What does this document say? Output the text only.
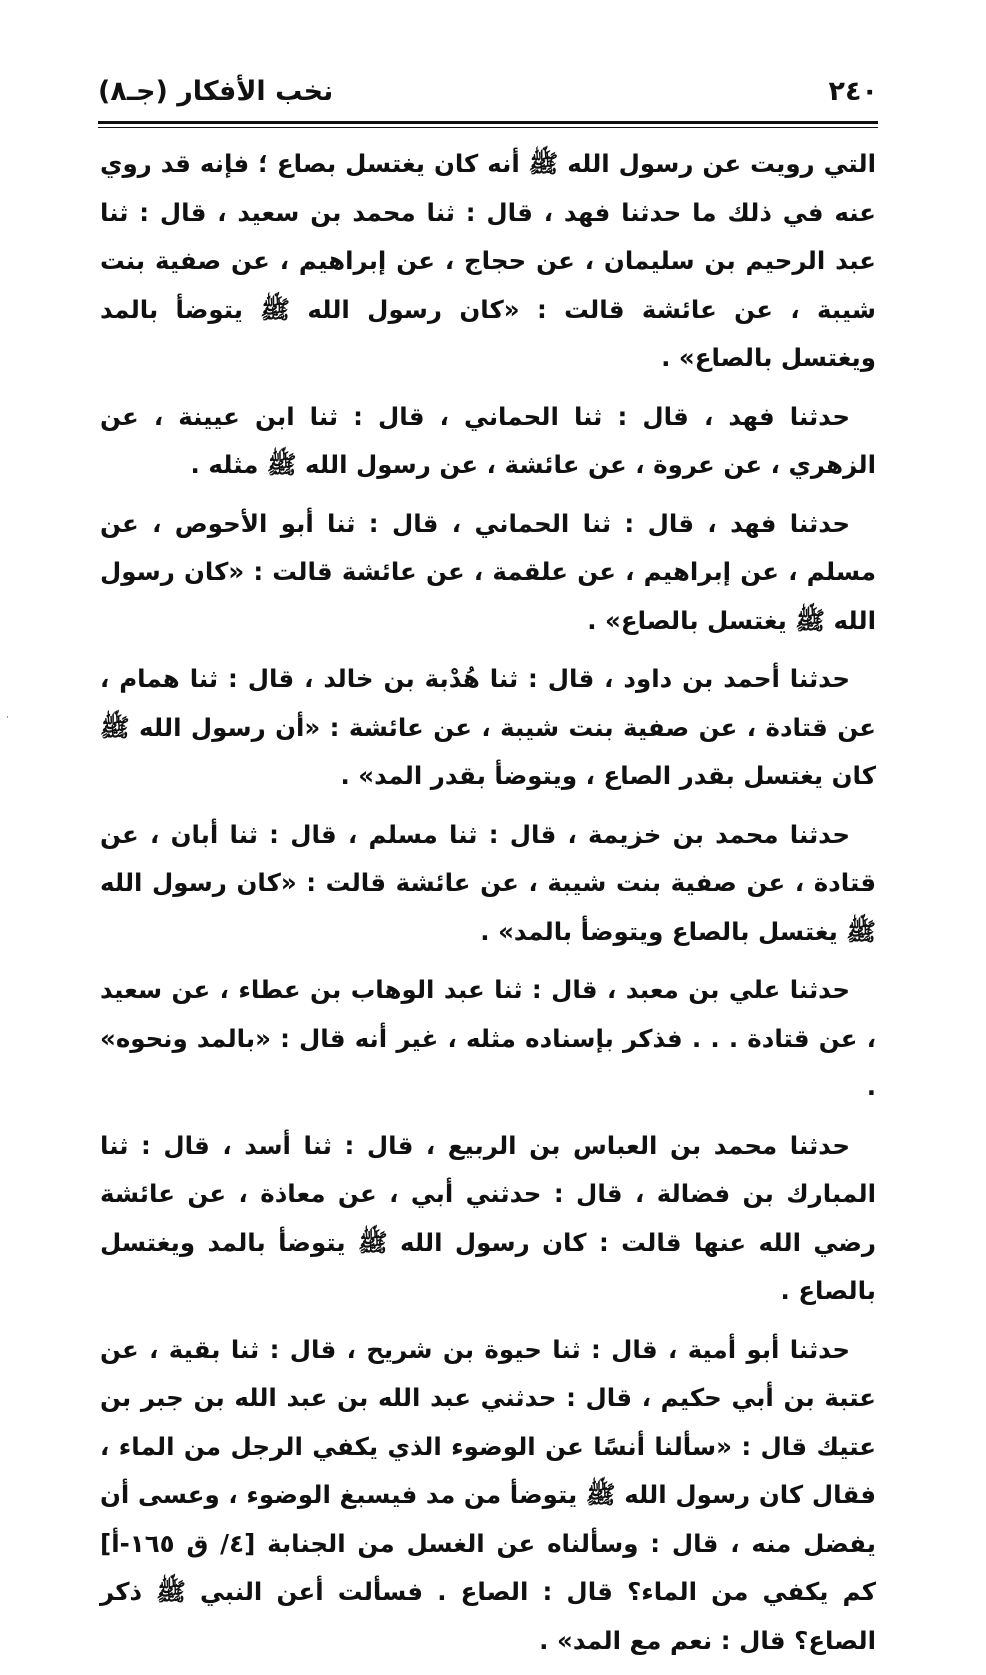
٢٤٠
نخب الأفكار (جـ٨)

التي رويت عن رسول الله ﷺ أنه كان يغتسل بصاع ؛ فإنه قد روي عنه في ذلك ما حدثنا فهد ، قال : ثنا محمد بن سعيد ، قال : ثنا عبد الرحيم بن سليمان ، عن حجاج ، عن إبراهيم ، عن صفية بنت شيبة ، عن عائشة قالت : «كان رسول الله ﷺ يتوضأ بالمد ويغتسل بالصاع» .

حدثنا فهد ، قال : ثنا الحماني ، قال : ثنا ابن عيينة ، عن الزهري ، عن عروة ، عن عائشة ، عن رسول الله ﷺ مثله .

حدثنا فهد ، قال : ثنا الحماني ، قال : ثنا أبو الأحوص ، عن مسلم ، عن إبراهيم ، عن علقمة ، عن عائشة قالت : «كان رسول الله ﷺ يغتسل بالصاع» .

حدثنا أحمد بن داود ، قال : ثنا هُدْبة بن خالد ، قال : ثنا همام ، عن قتادة ، عن صفية بنت شيبة ، عن عائشة : «أن رسول الله ﷺ كان يغتسل بقدر الصاع ، ويتوضأ بقدر المد» .

حدثنا محمد بن خزيمة ، قال : ثنا مسلم ، قال : ثنا أبان ، عن قتادة ، عن صفية بنت شيبة ، عن عائشة قالت : «كان رسول الله ﷺ يغتسل بالصاع ويتوضأ بالمد» .

حدثنا علي بن معبد ، قال : ثنا عبد الوهاب بن عطاء ، عن سعيد ، عن قتادة . . . فذكر بإسناده مثله ، غير أنه قال : «بالمد ونحوه» .

حدثنا محمد بن العباس بن الربيع ، قال : ثنا أسد ، قال : ثنا المبارك بن فضالة ، قال : حدثني أبي ، عن معاذة ، عن عائشة رضي الله عنها قالت : كان رسول الله ﷺ يتوضأ بالمد ويغتسل بالصاع .

حدثنا أبو أمية ، قال : ثنا حيوة بن شريح ، قال : ثنا بقية ، عن عتبة بن أبي حكيم ، قال : حدثني عبد الله بن عبد الله بن جبر بن عتيك قال : «سألنا أنسًا عن الوضوء الذي يكفي الرجل من الماء ، فقال كان رسول الله ﷺ يتوضأ من مد فيسبغ الوضوء ، وعسى أن يفضل منه ، قال : وسألناه عن الغسل من الجنابة [٤/ ق ١٦٥-أ] كم يكفي من الماء؟ قال : الصاع . فسألت أعن النبي ﷺ ذكر الصاع؟ قال : نعم مع المد» .
